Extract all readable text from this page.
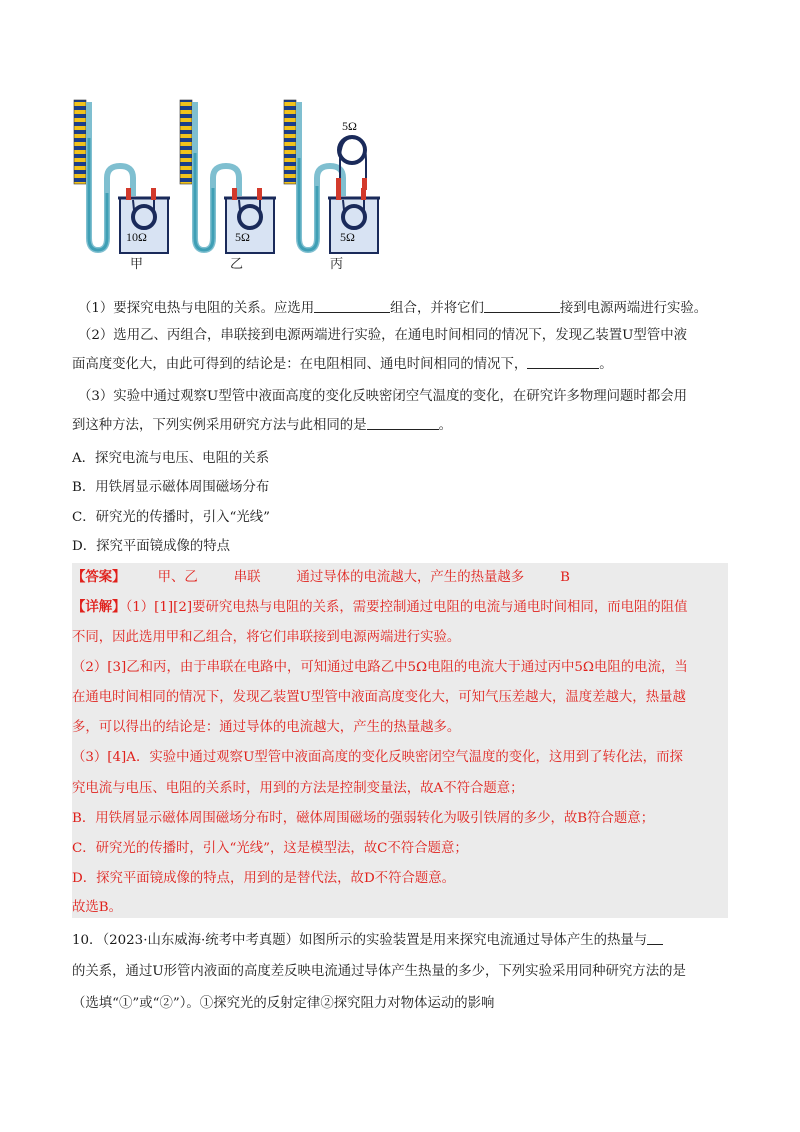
10Ω	5Ω	5Ω
5Ω
甲	乙	丙
（1）要探究电热与电阻的关系。应选用	组合，并将它们	接到电源两端进行实验。
（2）选用乙、丙组合，串联接到电源两端进行实验，在通电时间相同的情况下，发现乙装置U型管中液
面高度变化大，由此可得到的结论是：在电阻相同、通电时间相同的情况下，	。
（3）实验中通过观察U型管中液面高度的变化反映密闭空气温度的变化，在研究许多物理问题时都会用
到这种方法，下列实例采用研究方法与此相同的是	。
A．探究电流与电压、电阻的关系
B．用铁屑显示磁体周围磁场分布
C．研究光的传播时，引入“光线”
D．探究平面镜成像的特点
【答案】 甲、乙	串联	通过导体的电流越大，产生的热量越多	B
【详解】（1）[1][2]要研究电热与电阻的关系，需要控制通过电阻的电流与通电时间相同，而电阻的阻值
不同，因此选用甲和乙组合，将它们串联接到电源两端进行实验。
（2）[3]乙和丙，由于串联在电路中，可知通过电路乙中5Ω电阻的电流大于通过丙中5Ω电阻的电流，当
在通电时间相同的情况下，发现乙装置U型管中液面高度变化大，可知气压差越大，温度差越大，热量越
多，可以得出的结论是：通过导体的电流越大，产生的热量越多。
（3）[4]A．实验中通过观察U型管中液面高度的变化反映密闭空气温度的变化，这用到了转化法，而探
究电流与电压、电阻的关系时，用到的方法是控制变量法，故A不符合题意；
B．用铁屑显示磁体周围磁场分布时，磁体周围磁场的强弱转化为吸引铁屑的多少，故B符合题意；
C．研究光的传播时，引入“光线”，这是模型法，故C不符合题意；
D．探究平面镜成像的特点，用到的是替代法，故D不符合题意。
故选B。
10．（2023·山东威海·统考中考真题）如图所示的实验装置是用来探究电流通过导体产生的热量与
的关系，通过U形管内液面的高度差反映电流通过导体产生热量的多少，下列实验采用同种研究方法的是
（选填“①”或“②”）。①探究光的反射定律②探究阻力对物体运动的影响
